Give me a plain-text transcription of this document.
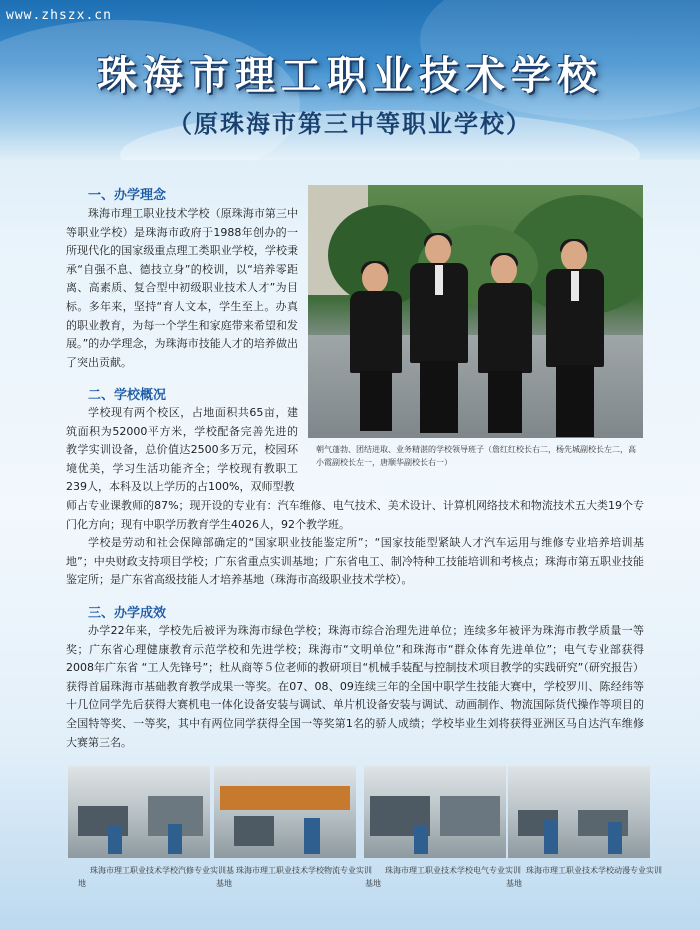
www.zhszx.cn
珠海市理工职业技术学校
（原珠海市第三中等职业学校）
一、办学理念

珠海市理工职业技术学校（原珠海市第三中等职业学校）是珠海市政府于1988年创办的一所现代化的国家级重点理工类职业学校，学校秉承“自强不息、德技立身”的校训，以“培养零距离、高素质、复合型中初级职业技术人才”为目标。多年来，坚持“育人文本，学生至上。办真的职业教育，为每一个学生和家庭带来希望和发展。”的办学理念，为珠海市技能人才的培养做出了突出贡献。

朝气蓬勃、团结进取、业务精湛的学校领导班子（詹红红校长右二，杨先城副校长左二，高小霞副校长左一，唐顺华副校长右一）
二、学校概况

学校现有两个校区，占地面积共65亩，建筑面积为52000平方米，学校配备完善先进的教学实训设备，总价值达2500多万元，校园环境优美，学习生活功能齐全；学校现有教职工239人，本科及以上学历的占100%，双师型教

师占专业课教师的87%；现开设的专业有：汽车维修、电气技术、美术设计、计算机网络技术和物流技术五大类19个专门化方向；现有中职学历教育学生4026人，92个教学班。

学校是劳动和社会保障部确定的“国家职业技能鉴定所”；“国家技能型紧缺人才汽车运用与维修专业培养培训基地”；中央财政支持项目学校；广东省重点实训基地；广东省电工、制冷特种工技能培训和考核点；珠海市第五职业技能鉴定所；是广东省高级技能人才培养基地（珠海市高级职业技术学校）。

三、办学成效

办学22年来，学校先后被评为珠海市绿色学校；珠海市综合治理先进单位；连续多年被评为珠海市教学质量一等奖；广东省心理健康教育示范学校和先进学校；珠海市“文明单位”和珠海市“群众体育先进单位”；电气专业部获得2008年广东省 “工人先锋号”；杜从商等５位老师的教研项目“机械手装配与控制技术项目教学的实践研究”（研究报告）获得首届珠海市基础教育教学成果一等奖。在07、08、09连续三年的全国中职学生技能大赛中，学校罗川、陈经纬等十几位同学先后获得大赛机电一体化设备安装与调试、单片机设备安装与调试、动画制作、物流国际货代操作等项目的全国特等奖、一等奖，其中有两位同学获得全国一等奖第1名的骄人成绩；学校毕业生刘将获得亚洲区马自达汽车维修大赛第三名。

珠海市理工职业技术学校汽修专业实训基地
珠海市理工职业技术学校物流专业实训基地
珠海市理工职业技术学校电气专业实训基地
珠海市理工职业技术学校动漫专业实训基地
